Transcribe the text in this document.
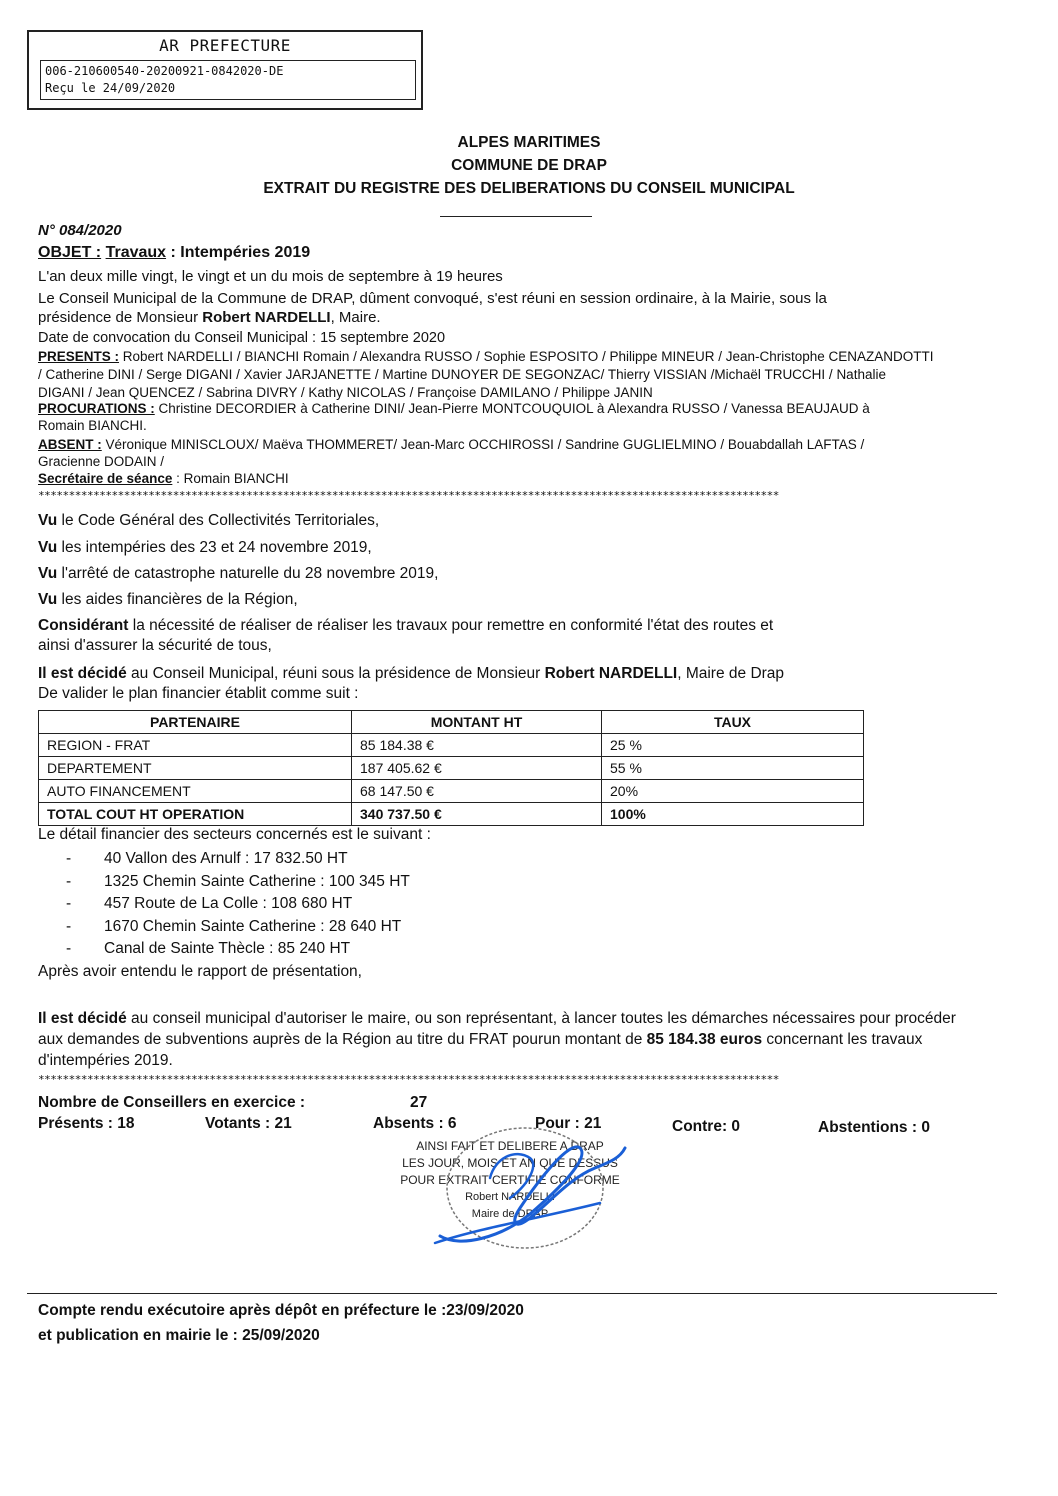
AR PREFECTURE
006-210600540-20200921-0842020-DE
Reçu le 24/09/2020
ALPES MARITIMES
COMMUNE DE DRAP
EXTRAIT DU REGISTRE DES DELIBERATIONS DU CONSEIL MUNICIPAL
N° 084/2020
OBJET : Travaux : Intempéries 2019
L'an deux mille vingt, le vingt et un du mois de septembre à 19 heures
Le Conseil Municipal de la Commune de DRAP, dûment convoqué, s'est réuni en session ordinaire, à la Mairie, sous la
présidence de Monsieur Robert NARDELLI, Maire.
Date de convocation du Conseil Municipal : 15 septembre 2020
PRESENTS : Robert NARDELLI / BIANCHI Romain / Alexandra RUSSO / Sophie ESPOSITO / Philippe MINEUR / Jean-Christophe CENAZANDOTTI
/ Catherine DINI / Serge DIGANI / Xavier JARJANETTE / Martine DUNOYER DE SEGONZAC/ Thierry VISSIAN /Michaël TRUCCHI / Nathalie
DIGANI / Jean QUENCEZ / Sabrina DIVRY / Kathy NICOLAS / Françoise DAMILANO / Philippe JANIN
PROCURATIONS : Christine DECORDIER à Catherine DINI/ Jean-Pierre MONTCOUQUIOL à Alexandra RUSSO / Vanessa BEAUJAUD à
Romain BIANCHI.
ABSENT : Véronique MINISCLOUX/ Maëva THOMMERET/ Jean-Marc OCCHIROSSI / Sandrine GUGLIELMINO / Bouabdallah LAFTAS /
Gracienne DODAIN /
Secrétaire de séance : Romain BIANCHI
*************************************************************************************************************************
Vu le Code Général des Collectivités Territoriales,
Vu les intempéries des 23 et 24 novembre 2019,
Vu l'arrêté de catastrophe naturelle du 28 novembre 2019,
Vu les aides financières de la Région,
Considérant la nécessité de réaliser de réaliser les travaux pour remettre en conformité l'état des routes et
ainsi d'assurer la sécurité de tous,
Il est décidé au Conseil Municipal, réuni sous la présidence de Monsieur Robert NARDELLI, Maire de Drap
De valider le plan financier établit comme suit :
PARTENAIRE	MONTANT HT	TAUX
REGION - FRAT	85 184.38 €	25 %
DEPARTEMENT	187 405.62 €	55 %
AUTO FINANCEMENT	68 147.50 €	20%
TOTAL COUT HT OPERATION	340 737.50 €	100%
Le détail financier des secteurs concernés est le suivant :
- 40 Vallon des Arnulf : 17 832.50 HT
- 1325 Chemin Sainte Catherine : 100 345 HT
- 457 Route de La Colle : 108 680 HT
- 1670 Chemin Sainte Catherine : 28 640 HT
- Canal de Sainte Thècle : 85 240 HT
Après avoir entendu le rapport de présentation,
Il est décidé au conseil municipal d'autoriser le maire, ou son représentant, à lancer toutes les démarches nécessaires pour procéder aux demandes de subventions auprès de la Région au titre du FRAT pourun montant de 85 184.38 euros concernant les travaux d'intempéries 2019.
*************************************************************************************************************************
Nombre de Conseillers en exercice :	27
Présents : 18	Votants : 21	Absents : 6	Pour : 21	Contre: 0	Abstentions : 0
AINSI FAIT ET DELIBERE A DRAP
LES JOUR, MOIS ET AN QUE DESSUS
POUR EXTRAIT CERTIFIE CONFORME
Robert NARDELLI
Maire de DRAP
Compte rendu exécutoire après dépôt en préfecture le :23/09/2020
et publication en mairie le : 25/09/2020
